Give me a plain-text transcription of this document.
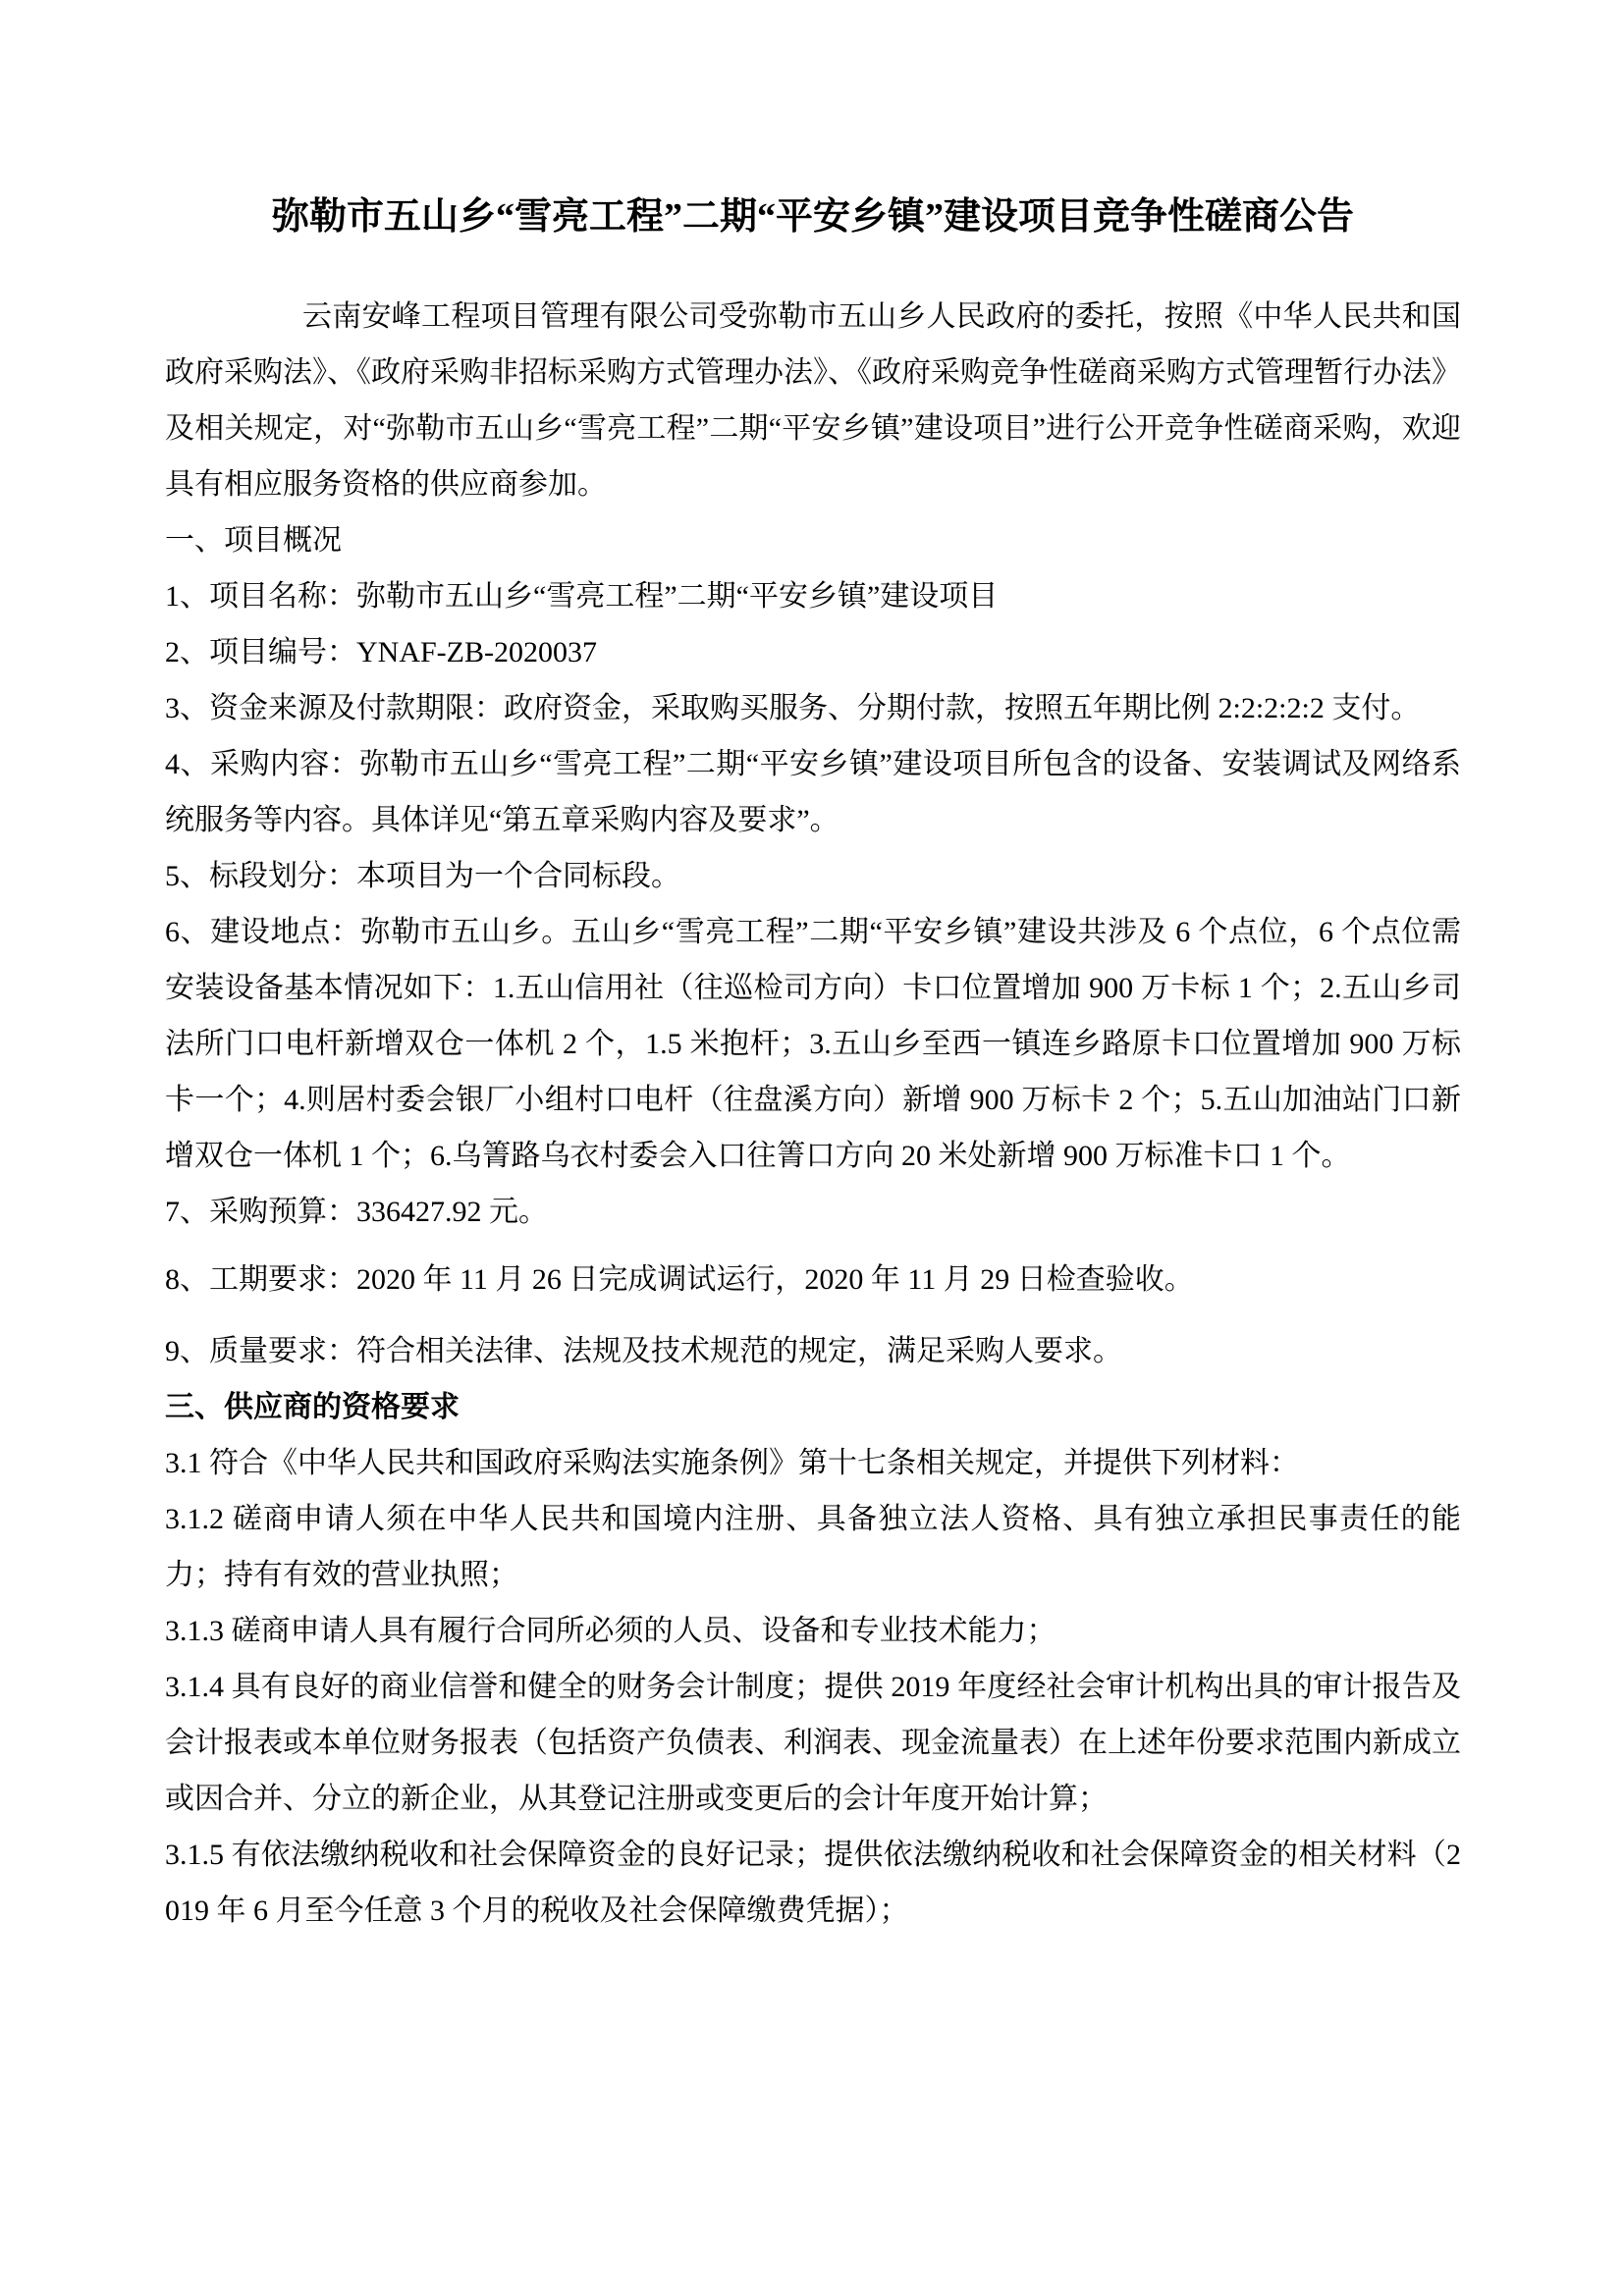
弥勒市五山乡“雪亮工程”二期“平安乡镇”建设项目竞争性磋商公告

云南安峰工程项目管理有限公司受弥勒市五山乡人民政府的委托，按照《中华人民共和国政府采购法》、《政府采购非招标采购方式管理办法》、《政府采购竞争性磋商采购方式管理暂行办法》及相关规定，对“弥勒市五山乡“雪亮工程”二期“平安乡镇”建设项目”进行公开竞争性磋商采购，欢迎具有相应服务资格的供应商参加。

一、项目概况

1、项目名称：弥勒市五山乡“雪亮工程”二期“平安乡镇”建设项目

2、项目编号：YNAF-ZB-2020037

3、资金来源及付款期限：政府资金，采取购买服务、分期付款，按照五年期比例 2:2:2:2:2 支付。

4、采购内容：弥勒市五山乡“雪亮工程”二期“平安乡镇”建设项目所包含的设备、安装调试及网络系统服务等内容。具体详见“第五章采购内容及要求”。

5、标段划分：本项目为一个合同标段。

6、建设地点：弥勒市五山乡。五山乡“雪亮工程”二期“平安乡镇”建设共涉及 6 个点位，6 个点位需安装设备基本情况如下：1.五山信用社（往巡检司方向）卡口位置增加 900 万卡标 1 个；2.五山乡司法所门口电杆新增双仓一体机 2 个，1.5 米抱杆；3.五山乡至西一镇连乡路原卡口位置增加 900 万标卡一个；4.则居村委会银厂小组村口电杆（往盘溪方向）新增 900 万标卡 2 个；5.五山加油站门口新增双仓一体机 1 个；6.乌箐路乌衣村委会入口往箐口方向 20 米处新增 900 万标准卡口 1 个。

7、采购预算：336427.92 元。

8、工期要求：2020 年 11 月 26 日完成调试运行，2020 年 11 月 29 日检查验收。

9、质量要求：符合相关法律、法规及技术规范的规定，满足采购人要求。

三、供应商的资格要求

3.1 符合《中华人民共和国政府采购法实施条例》第十七条相关规定，并提供下列材料：

3.1.2 磋商申请人须在中华人民共和国境内注册、具备独立法人资格、具有独立承担民事责任的能力；持有有效的营业执照；

3.1.3 磋商申请人具有履行合同所必须的人员、设备和专业技术能力；

3.1.4 具有良好的商业信誉和健全的财务会计制度；提供 2019 年度经社会审计机构出具的审计报告及会计报表或本单位财务报表（包括资产负债表、利润表、现金流量表）在上述年份要求范围内新成立或因合并、分立的新企业，从其登记注册或变更后的会计年度开始计算；

3.1.5 有依法缴纳税收和社会保障资金的良好记录；提供依法缴纳税收和社会保障资金的相关材料（2019 年 6 月至今任意 3 个月的税收及社会保障缴费凭据）；
